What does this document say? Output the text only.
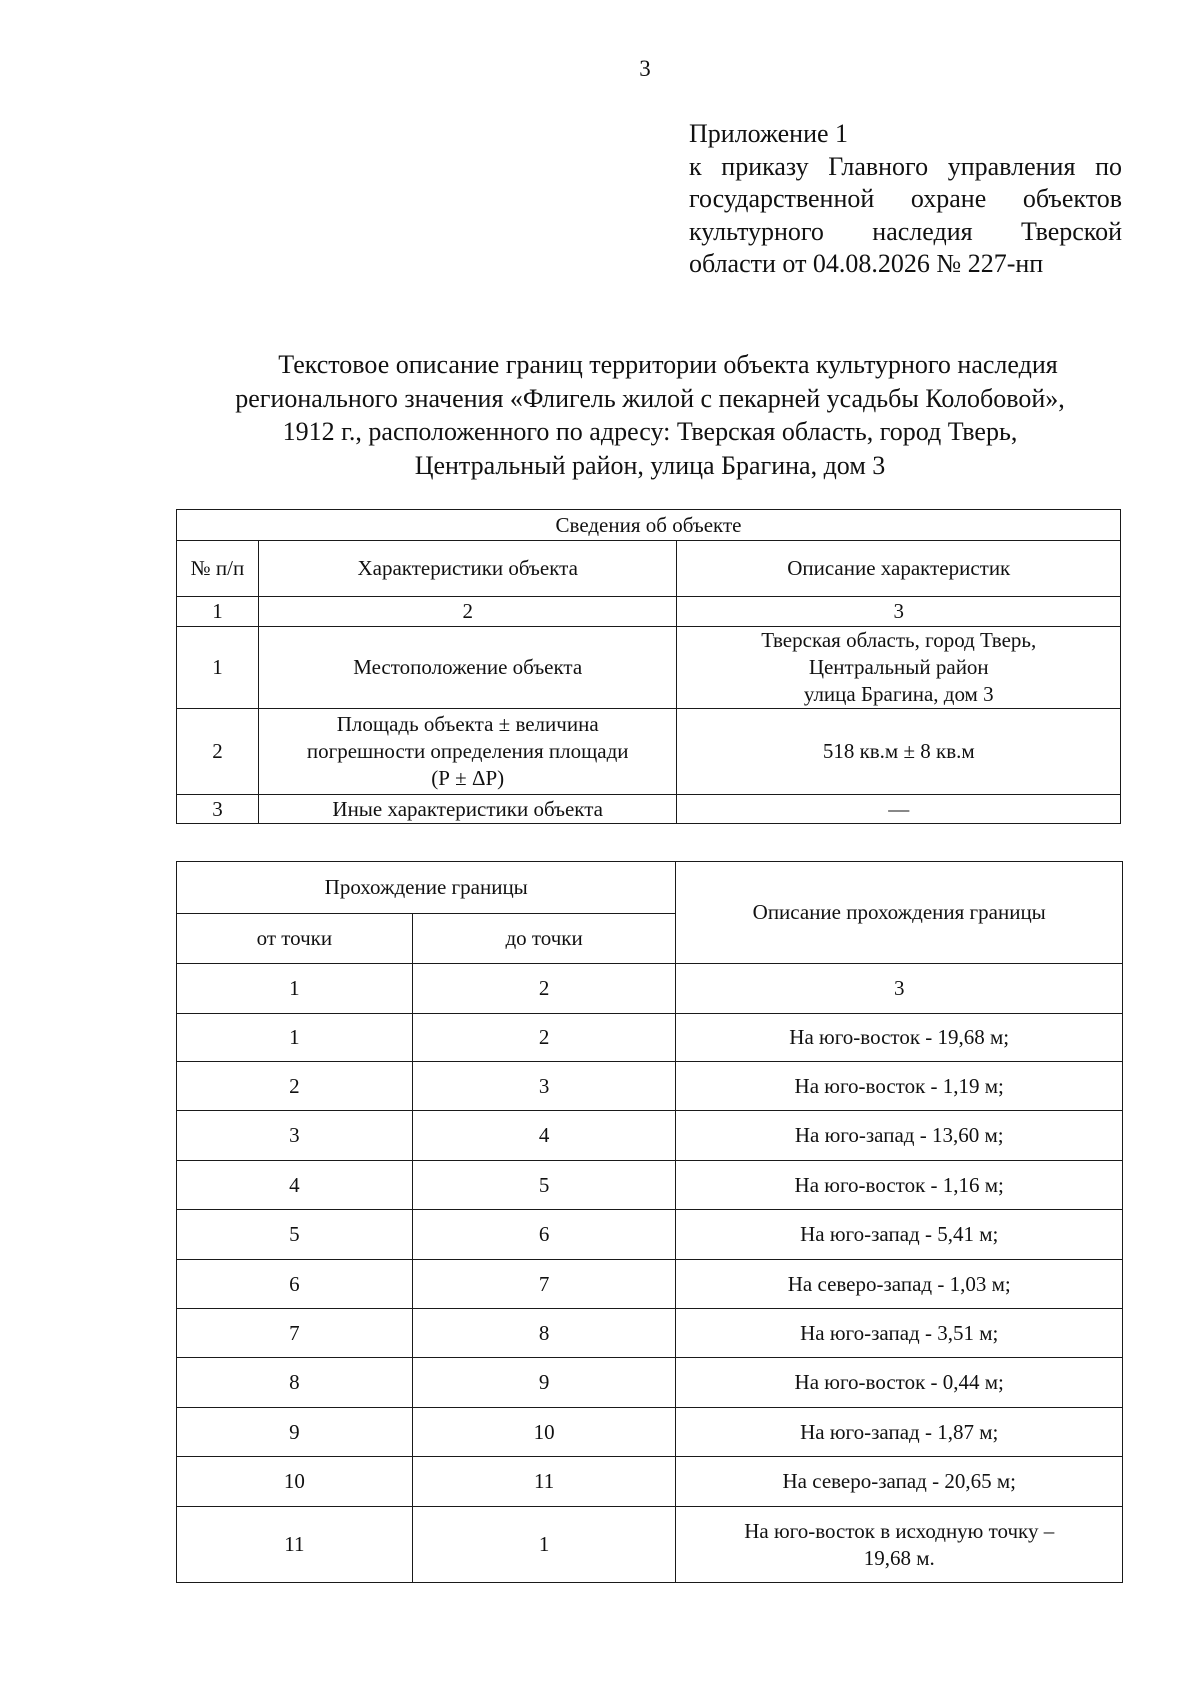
3
Приложение 1
к приказу Главного управления по
государственной охране объектов
культурного наследия Тверской
области от 04.08.2026 № 227-нп
Текстовое описание границ территории объекта культурного наследия
регионального значения «Флигель жилой с пекарней усадьбы Колобовой»,
1912 г., расположенного по адресу: Тверская область, город Тверь,
Центральный район, улица Брагина, дом 3
Сведения об объекте		
№ п/п	Характеристики объекта	Описание характеристик
1	2	3
1	Местоположение объекта	Тверская область, город Тверь,
Центральный район
улица Брагина, дом 3

2	Площадь объекта ± величина
погрешности определения площади
(Р ± ΔР)	518 кв.м ± 8 кв.м
3	Иные характеристики объекта	—
Прохождение границы		Описание прохождения границы
от точки	до точки	
1	2	3
1	2	На юго-восток - 19,68 м;
2	3	На юго-восток - 1,19 м;
3	4	На юго-запад - 13,60 м;
4	5	На юго-восток - 1,16 м;
5	6	На юго-запад - 5,41 м;
6	7	На северо-запад - 1,03 м;
7	8	На юго-запад - 3,51 м;
8	9	На юго-восток - 0,44 м;
9	10	На юго-запад - 1,87 м;
10	11	На северо-запад - 20,65 м;
11	1	На юго-восток в исходную точку –
19,68 м.
